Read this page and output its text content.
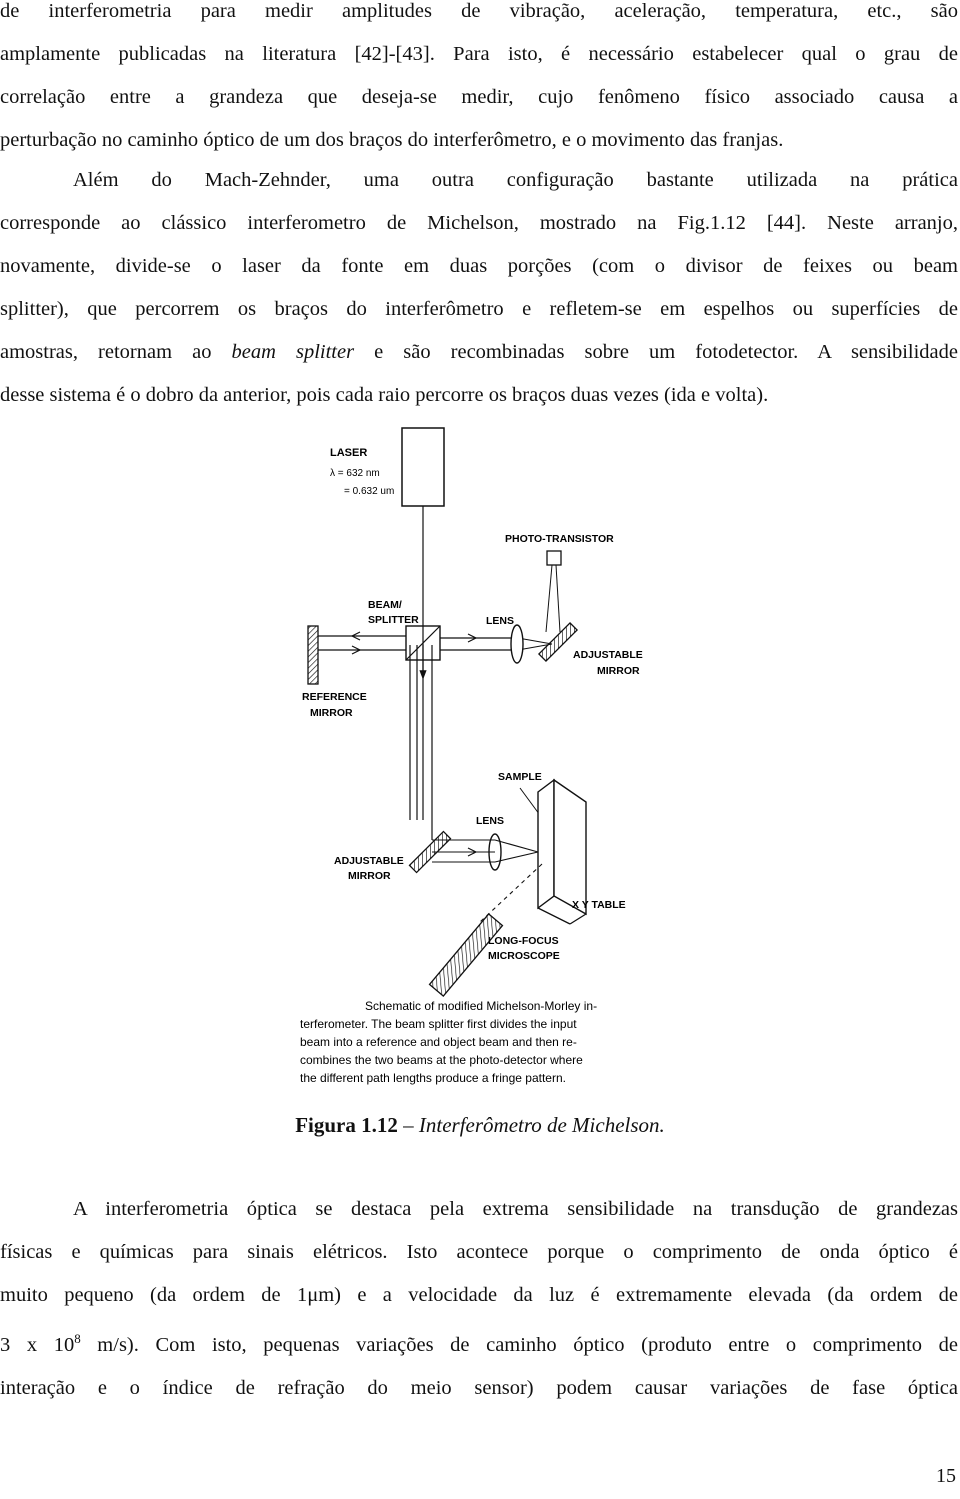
de interferometria para medir amplitudes de vibração, aceleração, temperatura, etc., são
amplamente publicadas na literatura [42]-[43]. Para isto, é necessário estabelecer qual o grau de
correlação entre a grandeza que deseja-se medir, cujo fenômeno físico associado causa a
perturbação no caminho óptico de um dos braços do interferômetro, e o movimento das franjas.
Além do Mach-Zehnder, uma outra configuração bastante utilizada na prática
corresponde ao clássico interferometro de Michelson, mostrado na Fig.1.12 [44]. Neste arranjo,
novamente, divide-se o laser da fonte em duas porções (com o divisor de feixes ou beam
splitter), que percorrem os braços do interferômetro e refletem-se em espelhos ou superfícies de
amostras, retornam ao beam splitter e são recombinadas sobre um fotodetector. A sensibilidade
desse sistema é o dobro da anterior, pois cada raio percorre os braços duas vezes (ida e volta).
LASER
λ = 632 nm
= 0.632 um
PHOTO-TRANSISTOR
BEAM/
SPLITTER
REFERENCE
MIRROR
LENS
ADJUSTABLE
MIRROR
SAMPLE
X Y TABLE
LENS
ADJUSTABLE
MIRROR
LONG-FOCUS
MICROSCOPE
Schematic of modified Michelson-Morley in-
terferometer. The beam splitter first divides the input
beam into a reference and object beam and then re-
combines the two beams at the photo-detector where
the different path lengths produce a fringe pattern.
Figura 1.12 – Interferômetro de Michelson.
A interferometria óptica se destaca pela extrema sensibilidade na transdução de grandezas
físicas e químicas para sinais elétricos. Isto acontece porque o comprimento de onda óptico é
muito pequeno (da ordem de 1μm) e a velocidade da luz é extremamente elevada (da ordem de
3 x $10^8$ m/s). Com isto, pequenas variações de caminho óptico (produto entre o comprimento de
interação e o índice de refração do meio sensor) podem causar variações de fase óptica
15
